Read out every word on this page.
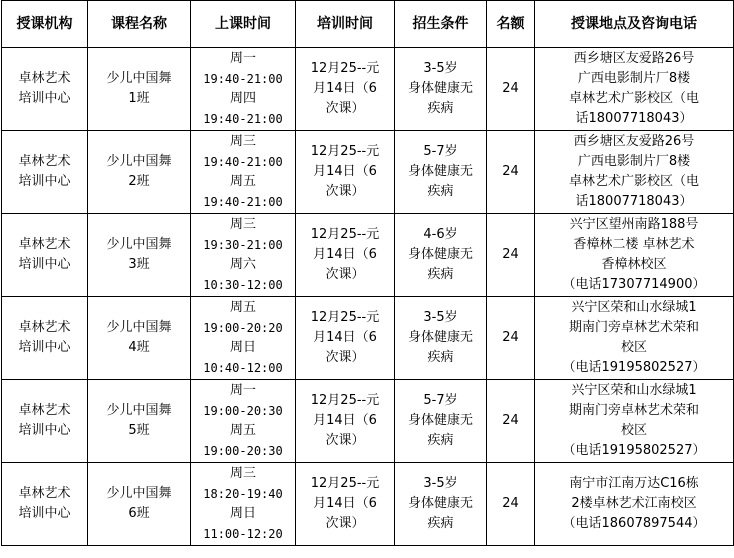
授课机构	课程名称	上课时间	培训时间	招生条件	名额	授课地点及咨询电话

卓林艺术
培训中心	少儿中国舞
1班	周一
19:40-21:00
周四
19:40-21:00	12月25--元
月14日（6
次课）	3-5岁
身体健康无
疾病	24	西乡塘区友爱路26号
广西电影制片厂8楼
卓林艺术广影校区（电
话18007718043）

卓林艺术
培训中心	少儿中国舞
2班	周三
19:40-21:00
周五
19:40-21:00	12月25--元
月14日（6
次课）	5-7岁
身体健康无
疾病	24	西乡塘区友爱路26号
广西电影制片厂8楼
卓林艺术广影校区（电
话18007718043）

卓林艺术
培训中心	少儿中国舞
3班	周三
19:30-21:00
周六
10:30-12:00	12月25--元
月14日（6
次课）	4-6岁
身体健康无
疾病	24	兴宁区望州南路188号
香樟林二楼 卓林艺术
香樟林校区
（电话17307714900）

卓林艺术
培训中心	少儿中国舞
4班	周五
19:00-20:20
周日
10:40-12:00	12月25--元
月14日（6
次课）	3-5岁
身体健康无
疾病	24	兴宁区荣和山水绿城1
期南门旁卓林艺术荣和
校区
（电话19195802527）

卓林艺术
培训中心	少儿中国舞
5班	周一
19:00-20:30
周五
19:00-20:30	12月25--元
月14日（6
次课）	5-7岁
身体健康无
疾病	24	兴宁区荣和山水绿城1
期南门旁卓林艺术荣和
校区
（电话19195802527）

卓林艺术
培训中心	少儿中国舞
6班	周三
18:20-19:40
周日
11:00-12:20	12月25--元
月14日（6
次课）	3-5岁
身体健康无
疾病	24	南宁市江南万达C16栋
2楼卓林艺术江南校区
（电话18607897544）
